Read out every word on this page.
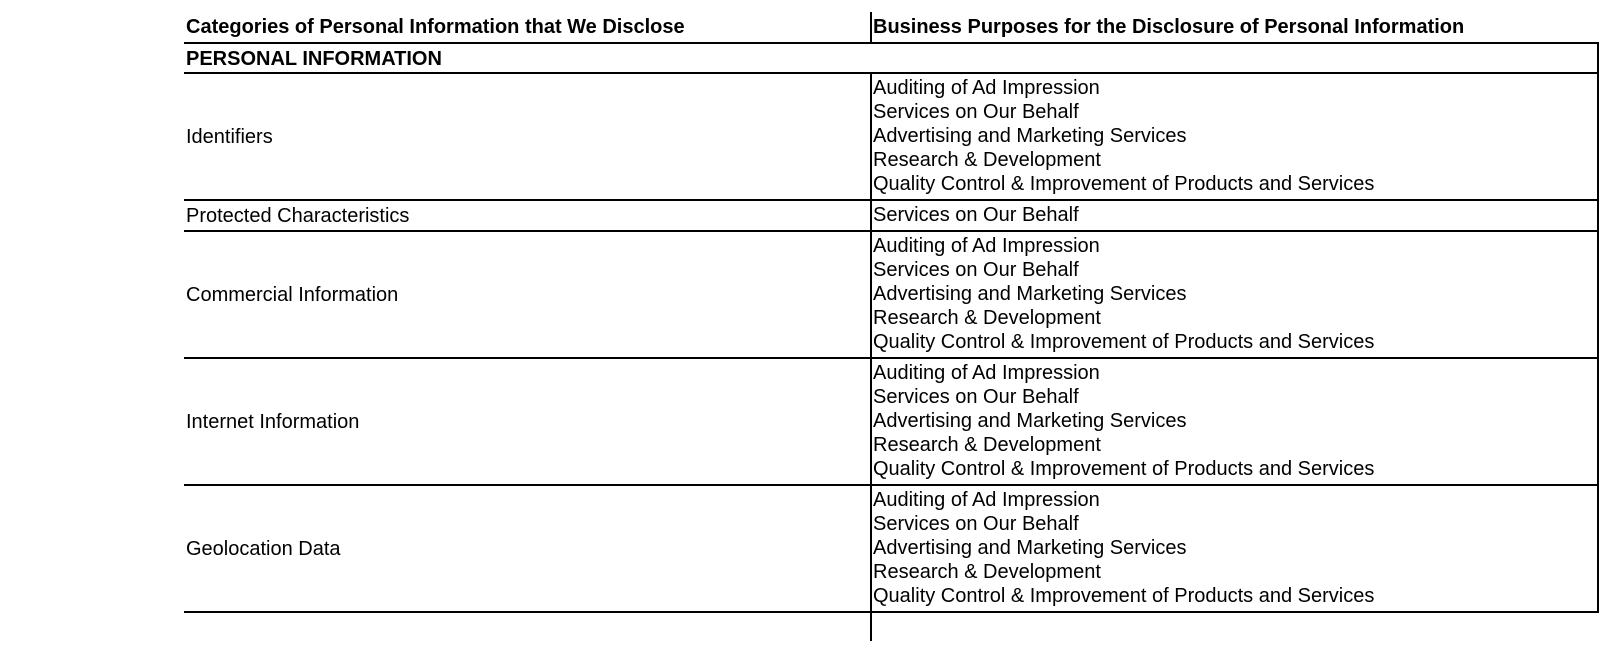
Categories of Personal Information that We Disclose	Business Purposes for the Disclosure of Personal Information
PERSONAL INFORMATION
Identifiers
Auditing of Ad Impression
Services on Our Behalf
Advertising and Marketing Services
Research & Development
Quality Control & Improvement of Products and Services
Protected Characteristics	Services on Our Behalf
Commercial Information
Auditing of Ad Impression
Services on Our Behalf
Advertising and Marketing Services
Research & Development
Quality Control & Improvement of Products and Services
Internet Information
Auditing of Ad Impression
Services on Our Behalf
Advertising and Marketing Services
Research & Development
Quality Control & Improvement of Products and Services
Geolocation Data
Auditing of Ad Impression
Services on Our Behalf
Advertising and Marketing Services
Research & Development
Quality Control & Improvement of Products and Services
